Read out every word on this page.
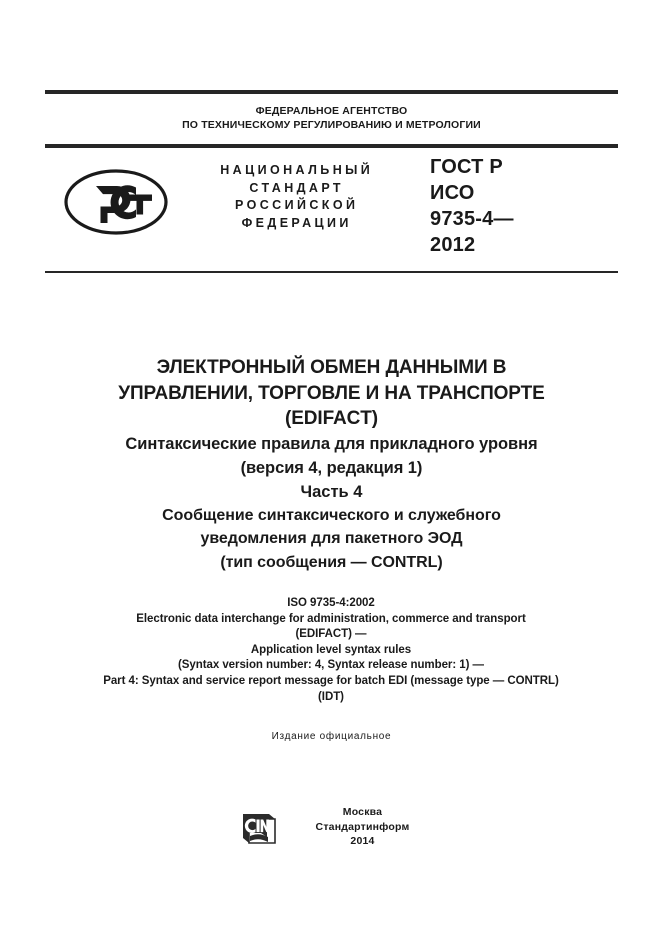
ФЕДЕРАЛЬНОЕ АГЕНТСТВО
ПО ТЕХНИЧЕСКОМУ РЕГУЛИРОВАНИЮ И МЕТРОЛОГИИ
НАЦИОНАЛЬНЫЙ
СТАНДАРТ
РОССИЙСКОЙ
ФЕДЕРАЦИИ
ГОСТ Р
ИСО
9735-4—
2012
ЭЛЕКТРОННЫЙ ОБМЕН ДАННЫМИ В
УПРАВЛЕНИИ, ТОРГОВЛЕ И НА ТРАНСПОРТЕ
(EDIFACT)
Синтаксические правила для прикладного уровня
(версия 4, редакция 1)
Часть 4
Сообщение синтаксического и служебного
уведомления для пакетного ЭОД
(тип сообщения — CONTRL)
ISO 9735-4:2002
Electronic data interchange for administration, commerce and transport
(EDIFACT) —
Application level syntax rules
(Syntax version number: 4, Syntax release number: 1) —
Part 4: Syntax and service report message for batch EDI (message type — CONTRL)
(IDT)
Издание официальное
Москва
Стандартинформ
2014
